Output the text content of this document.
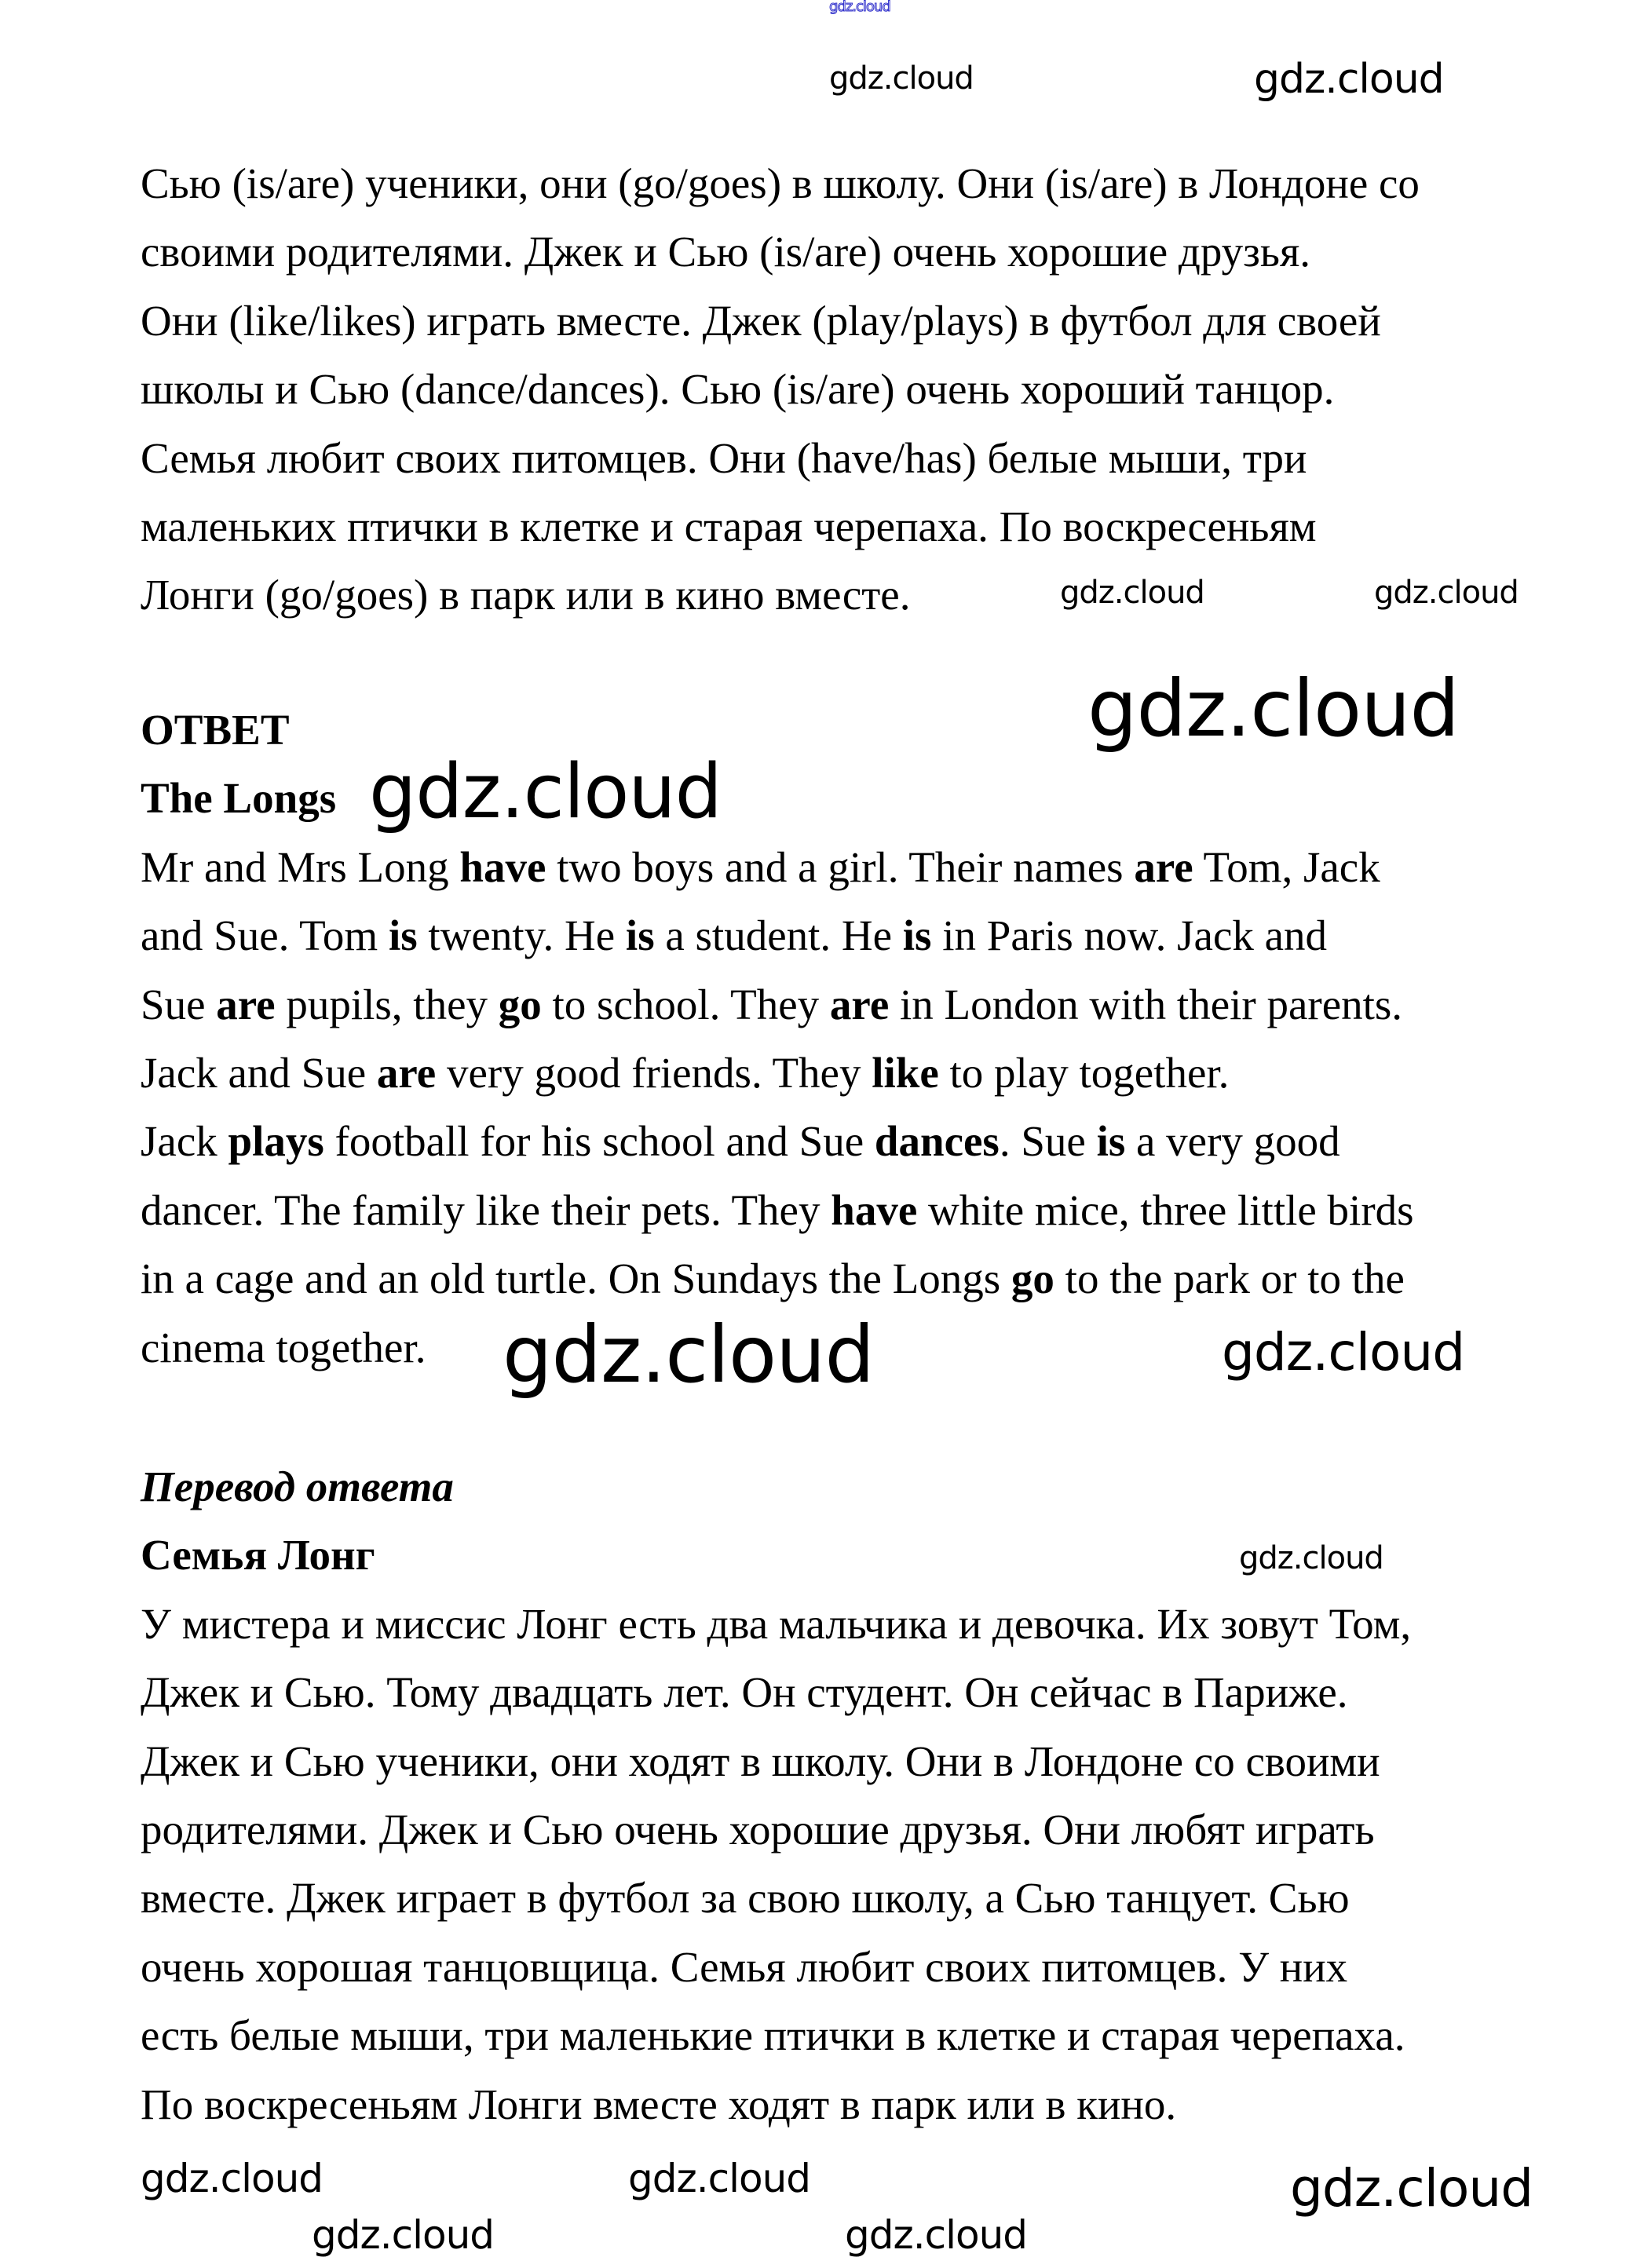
Сью (is/are) ученики, они (go/goes) в школу. Они (is/are) в Лондоне со
своими родителями. Джек и Сью (is/are) очень хорошие друзья.
Они (like/likes) играть вместе. Джек (play/plays) в футбол для своей
школы и Сью (dance/dances). Сью (is/are) очень хороший танцор.
Семья любит своих питомцев. Они (have/has) белые мыши, три
маленьких птички в клетке и старая черепаха. По воскресеньям
Лонги (go/goes) в парк или в кино вместе.
ОТВЕТ
The Longs
Mr and Mrs Long have two boys and a girl. Their names are Tom, Jack
and Sue. Tom is twenty. He is a student. He is in Paris now. Jack and
Sue are pupils, they go to school. They are in London with their parents.
Jack and Sue are very good friends. They like to play together.
Jack plays football for his school and Sue dances. Sue is a very good
dancer. The family like their pets. They have white mice, three little birds
in a cage and an old turtle. On Sundays the Longs go to the park or to the
cinema together.
Перевод ответа
Семья Лонг
У мистера и миссис Лонг есть два мальчика и девочка. Их зовут Том,
Джек и Сью. Тому двадцать лет. Он студент. Он сейчас в Париже.
Джек и Сью ученики, они ходят в школу. Они в Лондоне со своими
родителями. Джек и Сью очень хорошие друзья. Они любят играть
вместе. Джек играет в футбол за свою школу, а Сью танцует. Сью
очень хорошая танцовщица. Семья любит своих питомцев. У них
есть белые мыши, три маленькие птички в клетке и старая черепаха.
По воскресеньям Лонги вместе ходят в парк или в кино.
gdz.cloud
gdz.cloud	gdz.cloud
gdz.cloud	gdz.cloud
gdz.cloud
gdz.cloud
gdz.cloud	gdz.cloud
gdz.cloud
gdz.cloud	gdz.cloud
gdz.cloud	gdz.cloud
gdz.cloud
